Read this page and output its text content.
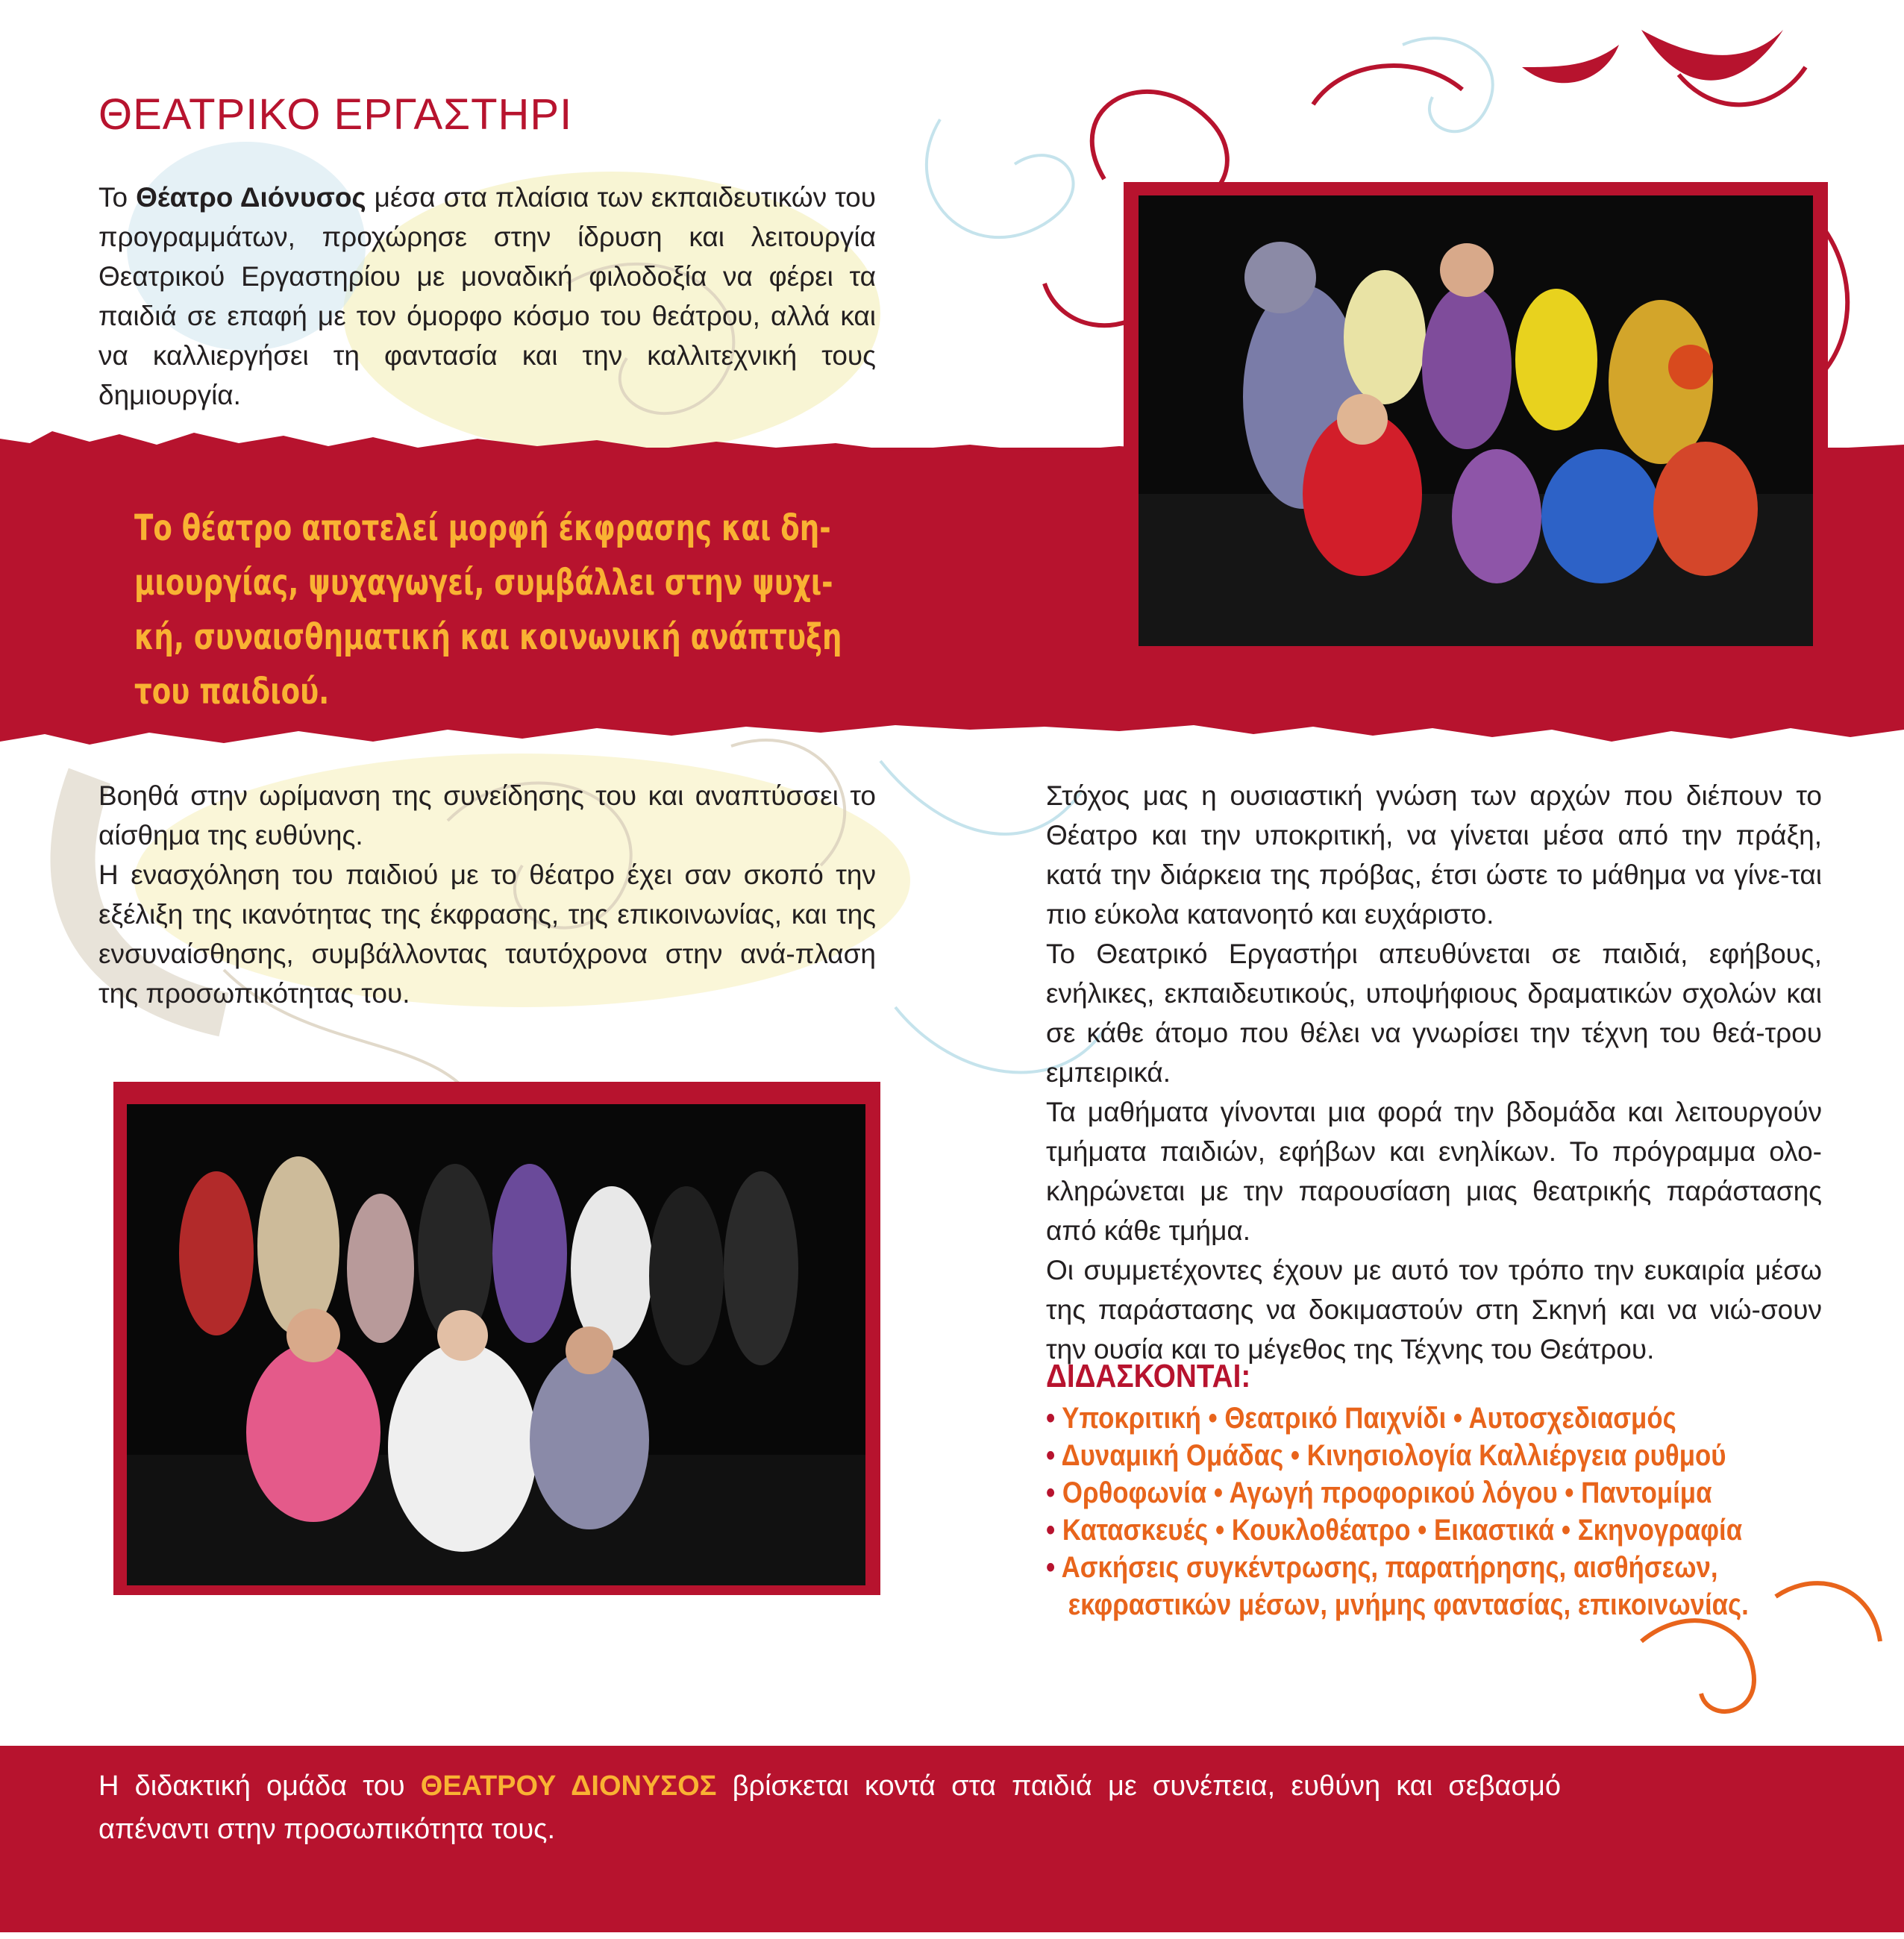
ΘΕΑΤΡΙΚΟ ΕΡΓΑΣΤΗΡΙ

Το Θέατρο Διόνυσος μέσα στα πλαίσια των εκπαιδευτικών του προγραμμάτων, προχώρησε στην ίδρυση και λειτουργία Θεατρικού Εργαστηρίου με μοναδική φιλοδοξία να φέρει τα παιδιά σε επαφή με τον όμορφο κόσμο του θεάτρου, αλλά και να καλλιεργήσει τη φαντασία και την καλλιτεχνική τους δημιουργία.

Το θέατρο αποτελεί μορφή έκφρασης και δη-
μιουργίας, ψυχαγωγεί, συμβάλλει στην ψυχι-
κή, συναισθηματική και κοινωνική ανάπτυξη
του παιδιού.
Βοηθά στην ωρίμανση της συνείδησης του και αναπτύσσει το αίσθημα της ευθύνης.
Η ενασχόληση του παιδιού με το θέατρο έχει σαν σκοπό την εξέλιξη της ικανότητας της έκφρασης, της επικοινωνίας, και της ενσυναίσθησης, συμβάλλοντας ταυτόχρονα στην ανά-πλαση της προσωπικότητας του.
Στόχος μας η ουσιαστική γνώση των αρχών που διέπουν το Θέατρο και την υποκριτική, να γίνεται μέσα από την πράξη, κατά την διάρκεια της πρόβας, έτσι ώστε το μάθημα να γίνε-ται πιο εύκολα κατανοητό και ευχάριστο.
Το Θεατρικό Εργαστήρι απευθύνεται σε παιδιά, εφήβους, ενήλικες, εκπαιδευτικούς, υποψήφιους δραματικών σχολών και σε κάθε άτομο που θέλει να γνωρίσει την τέχνη του θεά-τρου εμπειρικά.
Τα μαθήματα γίνονται μια φορά την βδομάδα και λειτουργούν τμήματα παιδιών, εφήβων και ενηλίκων. Το πρόγραμμα ολο-κληρώνεται με την παρουσίαση μιας θεατρικής παράστασης από κάθε τμήμα.
Οι συμμετέχοντες έχουν με αυτό τον τρόπο την ευκαιρία μέσω της παράστασης να δοκιμαστούν στη Σκηνή και να νιώ-σουν την ουσία και το μέγεθος της Τέχνης του Θεάτρου.
ΔΙΔΑΣΚΟΝΤΑΙ:
• Υποκριτική • Θεατρικό Παιχνίδι • Αυτοσχεδιασμός
• Δυναμική Ομάδας • Κινησιολογία Καλλιέργεια ρυθμού
• Ορθοφωνία • Αγωγή προφορικού λόγου • Παντομίμα
• Κατασκευές • Κουκλοθέατρο • Εικαστικά • Σκηνογραφία
• Ασκήσεις συγκέντρωσης, παρατήρησης, αισθήσεων,
εκφραστικών μέσων, μνήμης φαντασίας, επικοινωνίας.

Η διδακτική ομάδα του ΘΕΑΤΡΟΥ ΔΙΟΝΥΣΟΣ βρίσκεται κοντά στα παιδιά με συνέπεια, ευθύνη και σεβασμό απέναντι στην προσωπικότητα τους.
